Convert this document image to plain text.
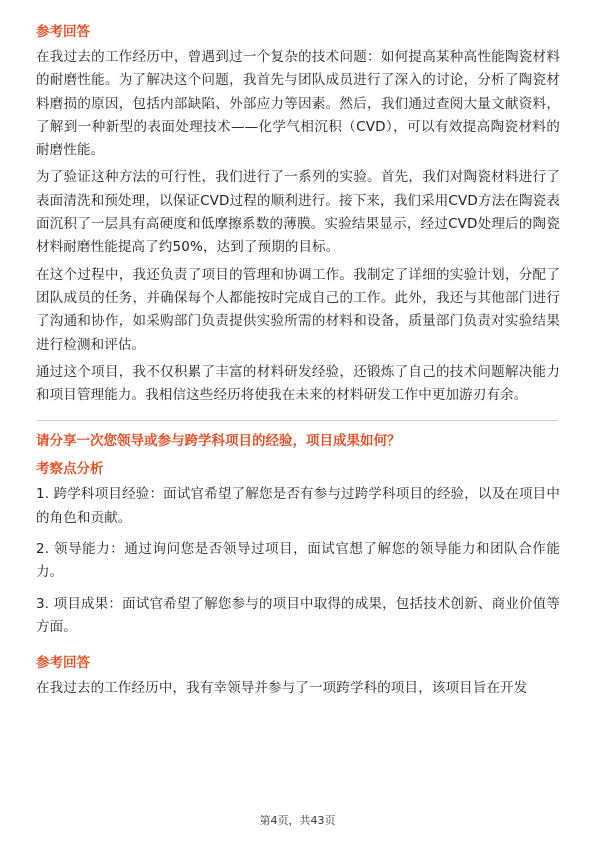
参考回答

在我过去的工作经历中，曾遇到过一个复杂的技术问题：如何提高某种高性能陶瓷材料的耐磨性能。为了解决这个问题，我首先与团队成员进行了深入的讨论，分析了陶瓷材料磨损的原因，包括内部缺陷、外部应力等因素。然后，我们通过查阅大量文献资料，了解到一种新型的表面处理技术——化学气相沉积（CVD），可以有效提高陶瓷材料的耐磨性能。

为了验证这种方法的可行性，我们进行了一系列的实验。首先，我们对陶瓷材料进行了表面清洗和预处理，以保证CVD过程的顺利进行。接下来，我们采用CVD方法在陶瓷表面沉积了一层具有高硬度和低摩擦系数的薄膜。实验结果显示，经过CVD处理后的陶瓷材料耐磨性能提高了约50%，达到了预期的目标。

在这个过程中，我还负责了项目的管理和协调工作。我制定了详细的实验计划，分配了团队成员的任务，并确保每个人都能按时完成自己的工作。此外，我还与其他部门进行了沟通和协作，如采购部门负责提供实验所需的材料和设备，质量部门负责对实验结果进行检测和评估。

通过这个项目，我不仅积累了丰富的材料研发经验，还锻炼了自己的技术问题解决能力和项目管理能力。我相信这些经历将使我在未来的材料研发工作中更加游刃有余。

请分享一次您领导或参与跨学科项目的经验，项目成果如何？
考察点分析

1. 跨学科项目经验：面试官希望了解您是否有参与过跨学科项目的经验，以及在项目中的角色和贡献。

2. 领导能力：通过询问您是否领导过项目，面试官想了解您的领导能力和团队合作能力。

3. 项目成果：面试官希望了解您参与的项目中取得的成果，包括技术创新、商业价值等方面。

参考回答

在我过去的工作经历中，我有幸领导并参与了一项跨学科的项目，该项目旨在开发

第4页，共43页
